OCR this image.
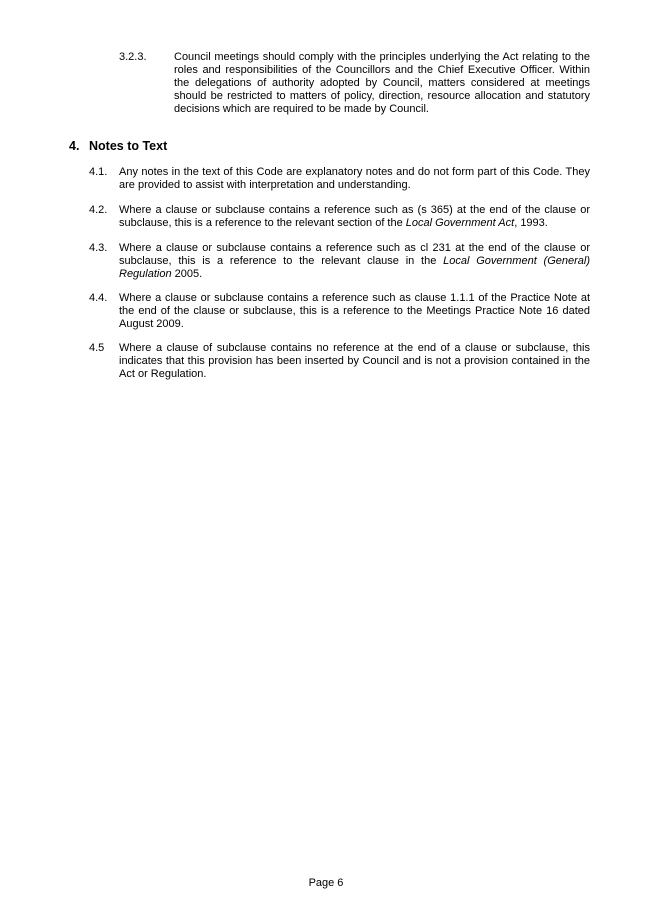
3.2.3. Council meetings should comply with the principles underlying the Act relating to the roles and responsibilities of the Councillors and the Chief Executive Officer. Within the delegations of authority adopted by Council, matters considered at meetings should be restricted to matters of policy, direction, resource allocation and statutory decisions which are required to be made by Council.

4. Notes to Text

4.1. Any notes in the text of this Code are explanatory notes and do not form part of this Code. They are provided to assist with interpretation and understanding.

4.2. Where a clause or subclause contains a reference such as (s 365) at the end of the clause or subclause, this is a reference to the relevant section of the Local Government Act, 1993.

4.3. Where a clause or subclause contains a reference such as cl 231 at the end of the clause or subclause, this is a reference to the relevant clause in the Local Government (General) Regulation 2005.

4.4. Where a clause or subclause contains a reference such as clause 1.1.1 of the Practice Note at the end of the clause or subclause, this is a reference to the Meetings Practice Note 16 dated August 2009.

4.5 Where a clause of subclause contains no reference at the end of a clause or subclause, this indicates that this provision has been inserted by Council and is not a provision contained in the Act or Regulation.

Page 6
